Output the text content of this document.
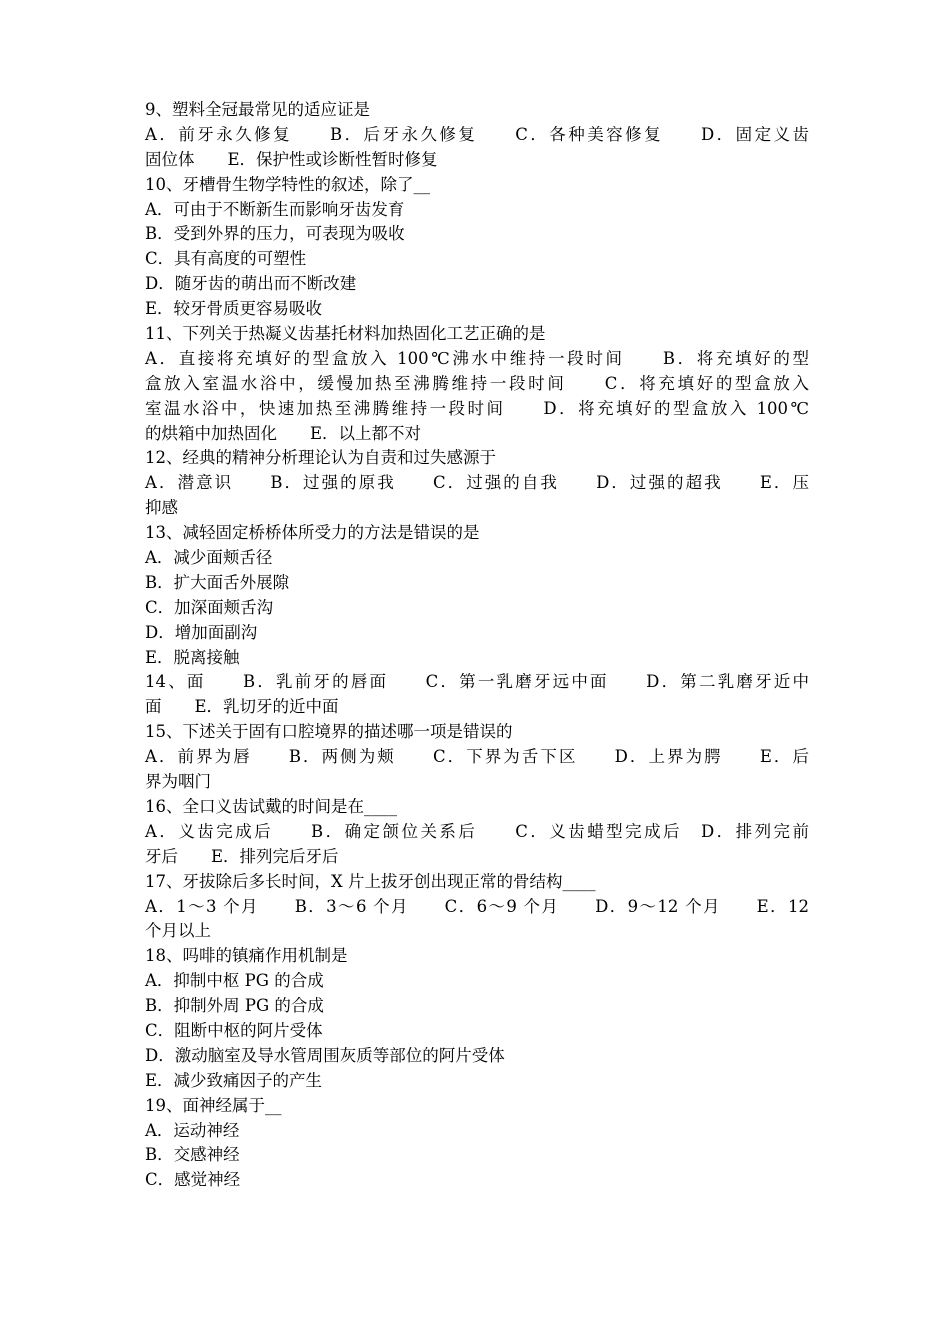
9、塑料全冠最常见的适应证是
A．前牙永久修复　　B．后牙永久修复　　C．各种美容修复　　D．固定义齿
固位体　　E．保护性或诊断性暂时修复
10、牙槽骨生物学特性的叙述，除了__
A．可由于不断新生而影响牙齿发育
B．受到外界的压力，可表现为吸收
C．具有高度的可塑性
D．随牙齿的萌出而不断改建
E．较牙骨质更容易吸收
11、下列关于热凝义齿基托材料加热固化工艺正确的是
A．直接将充填好的型盒放入 100℃沸水中维持一段时间　　B．将充填好的型
盒放入室温水浴中，缓慢加热至沸腾维持一段时间　　C．将充填好的型盒放入
室温水浴中，快速加热至沸腾维持一段时间　　D．将充填好的型盒放入 100℃
的烘箱中加热固化　　E．以上都不对
12、经典的精神分析理论认为自责和过失感源于
A．潜意识　　B．过强的原我　　C．过强的自我　　D．过强的超我　　E．压
抑感
13、减轻固定桥桥体所受力的方法是错误的是
A．减少面颊舌径
B．扩大面舌外展隙
C．加深面颊舌沟
D．增加面副沟
E．脱离接触
14、面　　B．乳前牙的唇面　　C．第一乳磨牙远中面　　D．第二乳磨牙近中
面　　E．乳切牙的近中面
15、下述关于固有口腔境界的描述哪一项是错误的
A．前界为唇　　B．两侧为颊　　C．下界为舌下区　　D．上界为腭　　E．后
界为咽门
16、全口义齿试戴的时间是在____
A．义齿完成后　　B．确定颌位关系后　　C．义齿蜡型完成后　D．排列完前
牙后　　E．排列完后牙后
17、牙拔除后多长时间，X 片上拔牙创出现正常的骨结构____
A．1～3 个月　　B．3～6 个月　　C．6～9 个月　　D．9～12 个月　　E．12
个月以上
18、吗啡的镇痛作用机制是
A．抑制中枢 PG 的合成
B．抑制外周 PG 的合成
C．阻断中枢的阿片受体
D．激动脑室及导水管周围灰质等部位的阿片受体
E．减少致痛因子的产生
19、面神经属于__
A．运动神经
B．交感神经
C．感觉神经
